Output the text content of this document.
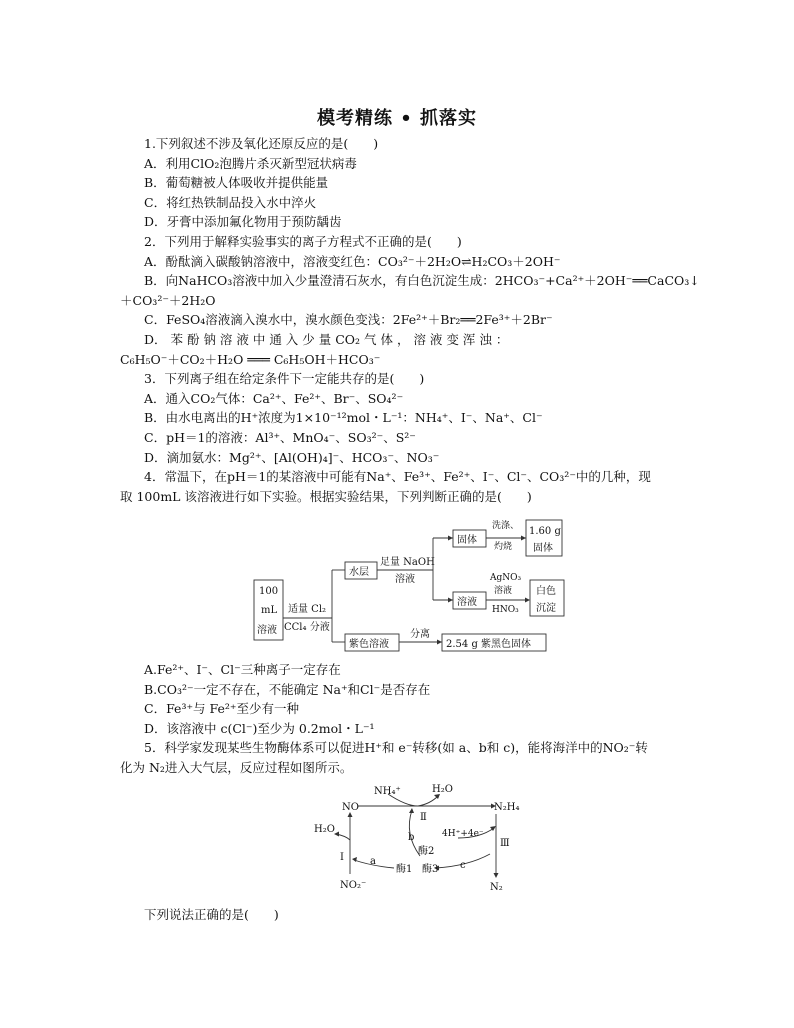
模考精练 • 抓落实
1.下列叙述不涉及氧化还原反应的是(　　)
A．利用ClO₂泡腾片杀灭新型冠状病毒
B．葡萄糖被人体吸收并提供能量
C．将红热铁制品投入水中淬火
D．牙膏中添加氟化物用于预防龋齿
2．下列用于解释实验事实的离子方程式不正确的是(　　)
A．酚酞滴入碳酸钠溶液中，溶液变红色：CO₃²⁻＋2H₂O⇌H₂CO₃＋2OH⁻
B．向NaHCO₃溶液中加入少量澄清石灰水，有白色沉淀生成：2HCO₃⁻+Ca²⁺＋2OH⁻══CaCO₃↓
＋CO₃²⁻＋2H₂O
C．FeSO₄溶液滴入溴水中，溴水颜色变浅：2Fe²⁺＋Br₂══2Fe³⁺＋2Br⁻
D． 苯 酚 钠 溶 液 中 通 入 少 量 CO₂ 气 体 ， 溶 液 变 浑 浊 ：
C₆H₅O⁻＋CO₂＋H₂O ═══ C₆H₅OH＋HCO₃⁻
3．下列离子组在给定条件下一定能共存的是(　　)
A．通入CO₂气体：Ca²⁺、Fe²⁺、Br⁻、SO₄²⁻
B．由水电离出的H⁺浓度为1×10⁻¹²mol・L⁻¹：NH₄⁺、I⁻、Na⁺、Cl⁻
C．pH＝1的溶液：Al³⁺、MnO₄⁻、SO₃²⁻、S²⁻
D．滴加氨水：Mg²⁺、[Al(OH)₄]⁻、HCO₃⁻、NO₃⁻
4．常温下，在pH＝1的某溶液中可能有Na⁺、Fe³⁺、Fe²⁺、I⁻、Cl⁻、CO₃²⁻中的几种，现
取 100mL 该溶液进行如下实验。根据实验结果，下列判断正确的是(　　)
100
mL
溶液
适量 Cl₂
CCl₄ 分液
水层
足量 NaOH
溶液
固体
洗涤、
灼烧
1.60 g
固体
溶液
AgNO₃
溶液
HNO₃
白色
沉淀
紫色溶液
分离
2.54 g 紫黑色固体
A.Fe²⁺、I⁻、Cl⁻三种离子一定存在
B.CO₃²⁻一定不存在，不能确定 Na⁺和Cl⁻是否存在
C．Fe³⁺与 Fe²⁺至少有一种
D．该溶液中 c(Cl⁻)至少为 0.2mol・L⁻¹
5．科学家发现某些生物酶体系可以促进H⁺和 e⁻转移(如 a、b和 c)，能将海洋中的NO₂⁻转
化为 N₂进入大气层，反应过程如图所示。
NH₄⁺	H₂O
NO	N₂H₄
H₂O
Ⅱ
b
酶2
4H⁺+4e⁻
Ⅲ
Ⅰ	a
酶1 酶3 c
NO₂⁻	N₂
下列说法正确的是(　　)
